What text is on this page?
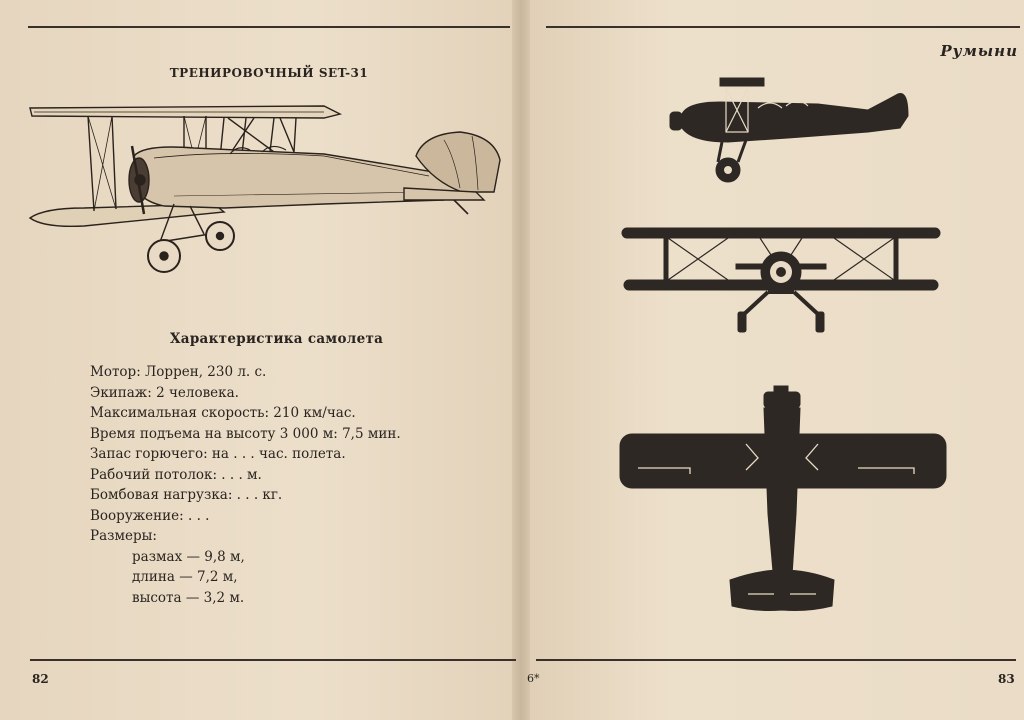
ТРЕНИРОВОЧНЫЙ SET-31
Характеристика самолета
Мотор: Лоррен, 230 л. с.
Экипаж: 2 человека.
Максимальная скорость: 210 км/час.
Время подъема на высоту 3 000 м: 7,5 мин.
Запас горючего: на . . . час. полета.
Рабочий потолок: . . . м.
Бомбовая нагрузка: . . . кг.
Вооружение: . . .
Размеры:
размах — 9,8 м,
длина — 7,2 м,
высота — 3,2 м.
82	6*	83
Румыни
